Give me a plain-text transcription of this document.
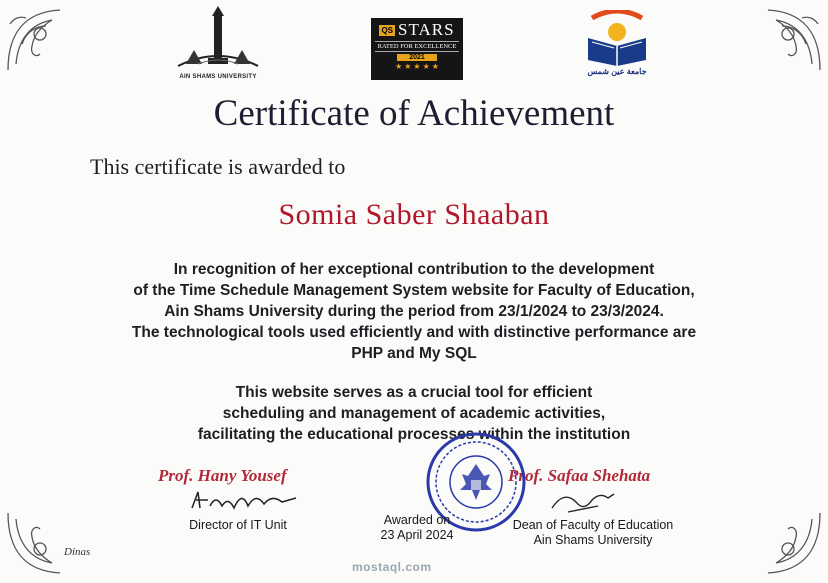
AIN SHAMS UNIVERSITY
QS STARS
RATED FOR EXCELLENCE
2021
★ ★ ★ ★ ★
جامعة عين شمس
Certificate of Achievement
This certificate is awarded to
Somia Saber Shaaban
In recognition of her exceptional contribution to the development
of the Time Schedule Management System website for Faculty of Education,
Ain Shams University during the period from 23/1/2024 to 23/3/2024.
The technological tools used efficiently and with distinctive performance are
PHP and My SQL
This website serves as a crucial tool for efficient
scheduling and management of academic activities,
facilitating the educational processes within the institution
Prof. Hany Yousef
Director of IT Unit
Prof. Safaa Shehata
Dean of Faculty of Education
Ain Shams University
Awarded on
23 April 2024
mostaql.com
Dinas
